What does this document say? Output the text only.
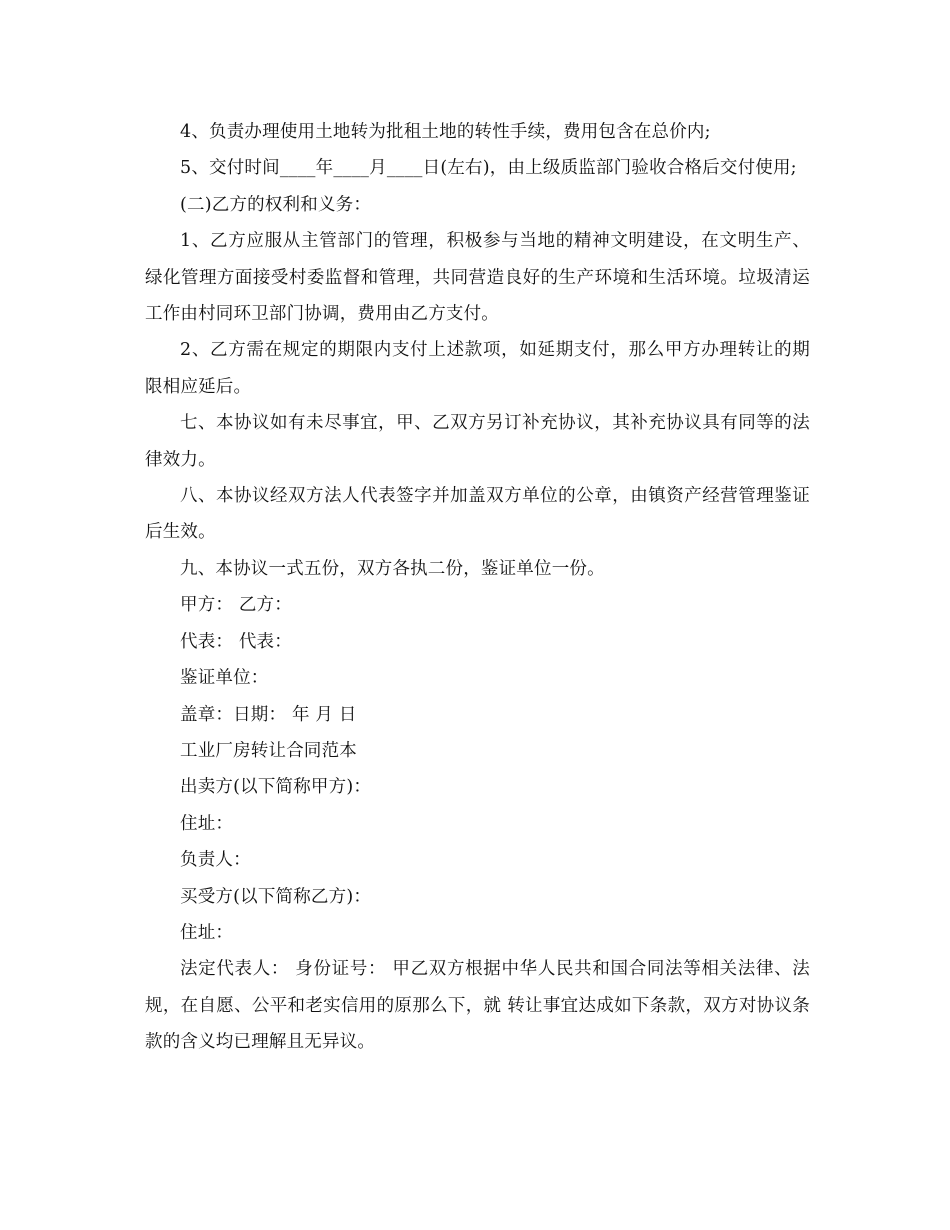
4、负责办理使用土地转为批租土地的转性手续，费用包含在总价内;

5、交付时间____年____月____日(左右)，由上级质监部门验收合格后交付使用;

(二)乙方的权利和义务：

1、乙方应服从主管部门的管理，积极参与当地的精神文明建设，在文明生产、绿化管理方面接受村委监督和管理，共同营造良好的生产环境和生活环境。垃圾清运工作由村同环卫部门协调，费用由乙方支付。

2、乙方需在规定的期限内支付上述款项，如延期支付，那么甲方办理转让的期限相应延后。

七、本协议如有未尽事宜，甲、乙双方另订补充协议，其补充协议具有同等的法律效力。

八、本协议经双方法人代表签字并加盖双方单位的公章，由镇资产经营管理鉴证后生效。

九、本协议一式五份，双方各执二份，鉴证单位一份。

甲方： 乙方：

代表： 代表：

鉴证单位：

盖章：日期： 年 月 日

工业厂房转让合同范本

出卖方(以下简称甲方)：

住址：

负责人：

买受方(以下简称乙方)：

住址：

法定代表人： 身份证号： 甲乙双方根据中华人民共和国合同法等相关法律、法规，在自愿、公平和老实信用的原那么下，就 转让事宜达成如下条款，双方对协议条款的含义均已理解且无异议。
